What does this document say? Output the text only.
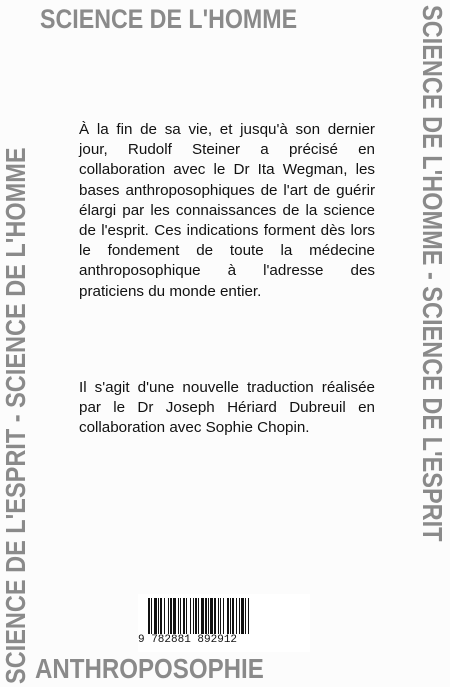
SCIENCE DE L'HOMME	SCIENCE DE L'HOMME - SCIENCE DE L'ESPRIT
SCIENCE DE L'ESPRIT - SCIENCE DE L'HOMME ANTHROPOSOPHIE

À la fin de sa vie, et jusqu'à son dernier jour, Rudolf Steiner a précisé en collaboration avec le Dr Ita Wegman, les bases anthroposophiques de l'art de guérir élargi par les connaissances de la science de l'esprit. Ces indications forment dès lors le fondement de toute la médecine anthroposophique à l'adresse des praticiens du monde entier.

Il s'agit d'une nouvelle traduction réalisée par le Dr Joseph Hériard Dubreuil en collaboration avec Sophie Chopin.

9 782881 892912
